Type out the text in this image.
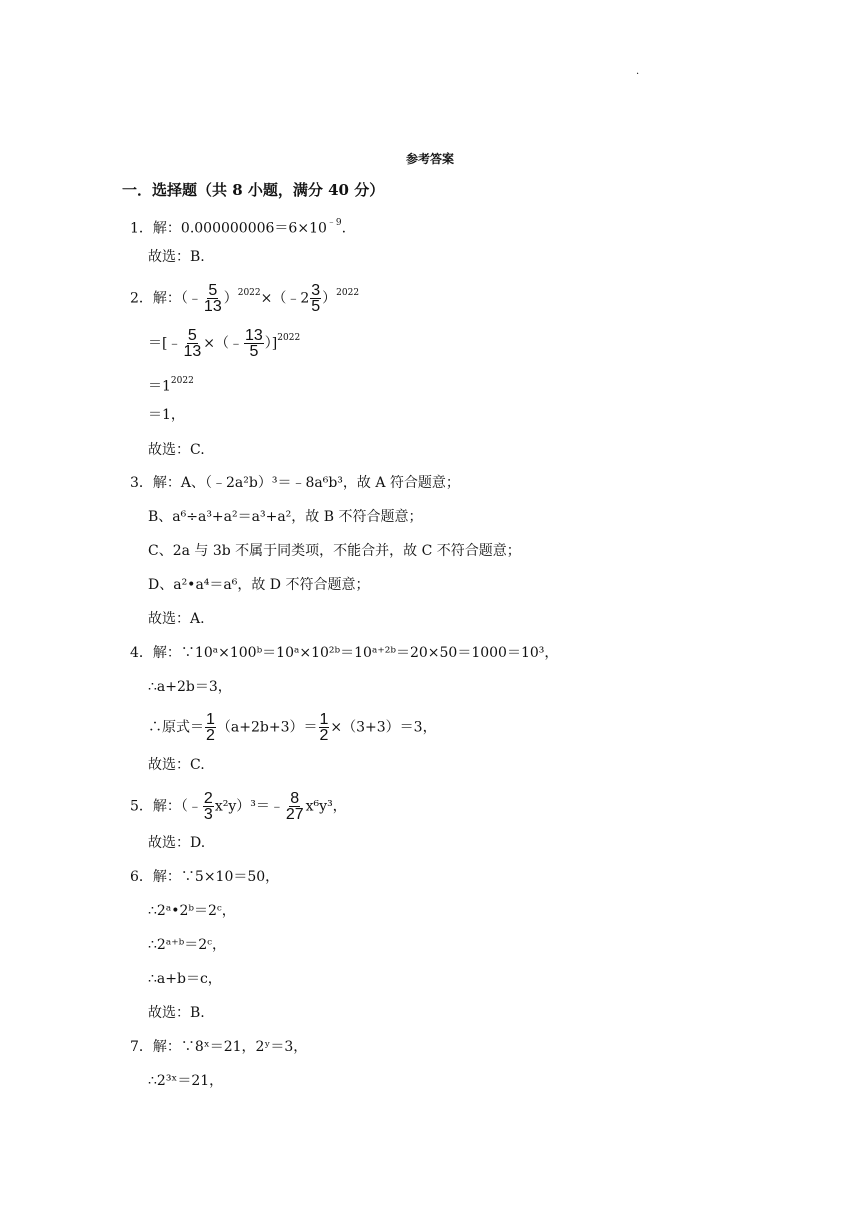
.
参考答案
一．选择题（共 8 小题，满分 40 分）
1．解：$0.000000006=6\times 10^{﹣9}$.
故选：B.
2．解：（﹣ $\frac{5}{13}$ ）$^{2022}$×（﹣2 $\frac{3}{5} )^{2022}$
＝[﹣ $\frac{5}{13}$ ×（﹣ $\frac{13}{5} )]^{2022}$
$=1^{2022}$
＝1，
故选：C.
3．解：A、（﹣2a²b）³＝﹣8a⁶b³，故 A 符合题意；
B、a⁶÷a³+a²＝a³+a²，故 B 不符合题意；
C、2a 与 3b 不属于同类项，不能合并，故 C 不符合题意；
D、a²•a⁴＝a⁶，故 D 不符合题意；
故选：A.
4．解：∵10ᵃ×100ᵇ＝10ᵃ×10²ᵇ＝10ᵃ⁺²ᵇ＝20×50＝1000＝10³，
∴a+2b＝3，
∴原式＝ $\frac{1}{2} (a+2b+3)= \frac{1}{2} \times(3+3)=3$，
故选：C.
5．解：（﹣ $\frac{2}{3}$ x²y）³＝﹣ $\frac{8}{27} x^6y^3$，
故选：D.
6．解：∵5×10＝50，
∴2ᵃ•2ᵇ＝2ᶜ，
∴2ᵃ⁺ᵇ＝2ᶜ，
∴a+b＝c，
故选：B.
7．解：∵8ˣ＝21，2ʸ＝3，
∴2³ˣ＝21，
